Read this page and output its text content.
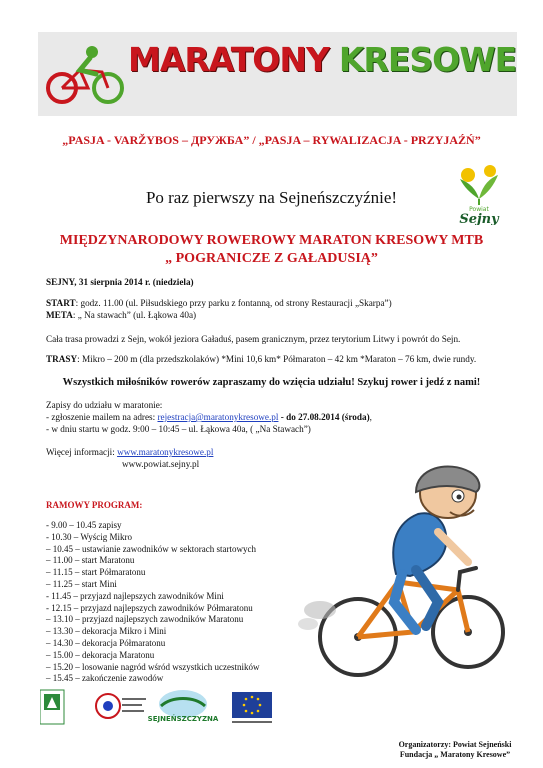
MARATONY KRESOWE
„PASJA - VARŽYBOS – ДРУЖБА” / „PASJA – RYWALIZACJA - PRZYJAŹŃ”
Po raz pierwszy na Sejneńszczyźnie!
Powiat
Sejny
MIĘDZYNARODOWY ROWEROWY MARATON KRESOWY MTB
„ POGRANICZE Z GAŁADUSIĄ”
SEJNY, 31 sierpnia 2014 r. (niedziela)
START: godz. 11.00 (ul. Piłsudskiego przy parku z fontanną, od strony Restauracji „Skarpa”)
META: „ Na stawach” (ul. Łąkowa 40a)
Cała trasa prowadzi z Sejn, wokół jeziora Gaładuś, pasem granicznym, przez terytorium Litwy i powrót do Sejn.
TRASY: Mikro – 200 m (dla przedszkolaków) *Mini 10,6 km* Półmaraton – 42 km *Maraton – 76 km, dwie rundy.
Wszystkich miłośników rowerów zapraszamy do wzięcia udziału! Szykuj rower i jedź z nami!
Zapisy do udziału w maratonie:
- zgłoszenie mailem na adres: rejestracja@maratonykresowe.pl - do 27.08.2014 (środa),
- w dniu startu w godz. 9:00 – 10:45 – ul. Łąkowa 40a, ( „Na Stawach”)
Więcej informacji: www.maratonykresowe.pl
www.powiat.sejny.pl
RAMOWY PROGRAM:
- 9.00 – 10.45 zapisy
- 10.30 – Wyścig Mikro
– 10.45 – ustawianie zawodników w sektorach startowych
– 11.00 – start Maratonu
– 11.15 – start Półmaratonu
– 11.25 – start Mini
- 11.45 – przyjazd najlepszych zawodników Mini
- 12.15 – przyjazd najlepszych zawodników Półmaratonu
– 13.10 – przyjazd najlepszych zawodników Maratonu
– 13.30 – dekoracja Mikro i Mini
– 14.30 – dekoracja Półmaratonu
– 15.00 – dekoracja Maratonu
– 15.20 – losowanie nagród wśród wszystkich uczestników
– 15.45 – zakończenie zawodów
SEJNEŃSZCZYZNA
Organizatorzy: Powiat Sejneński
Fundacja „ Maratony Kresowe”
